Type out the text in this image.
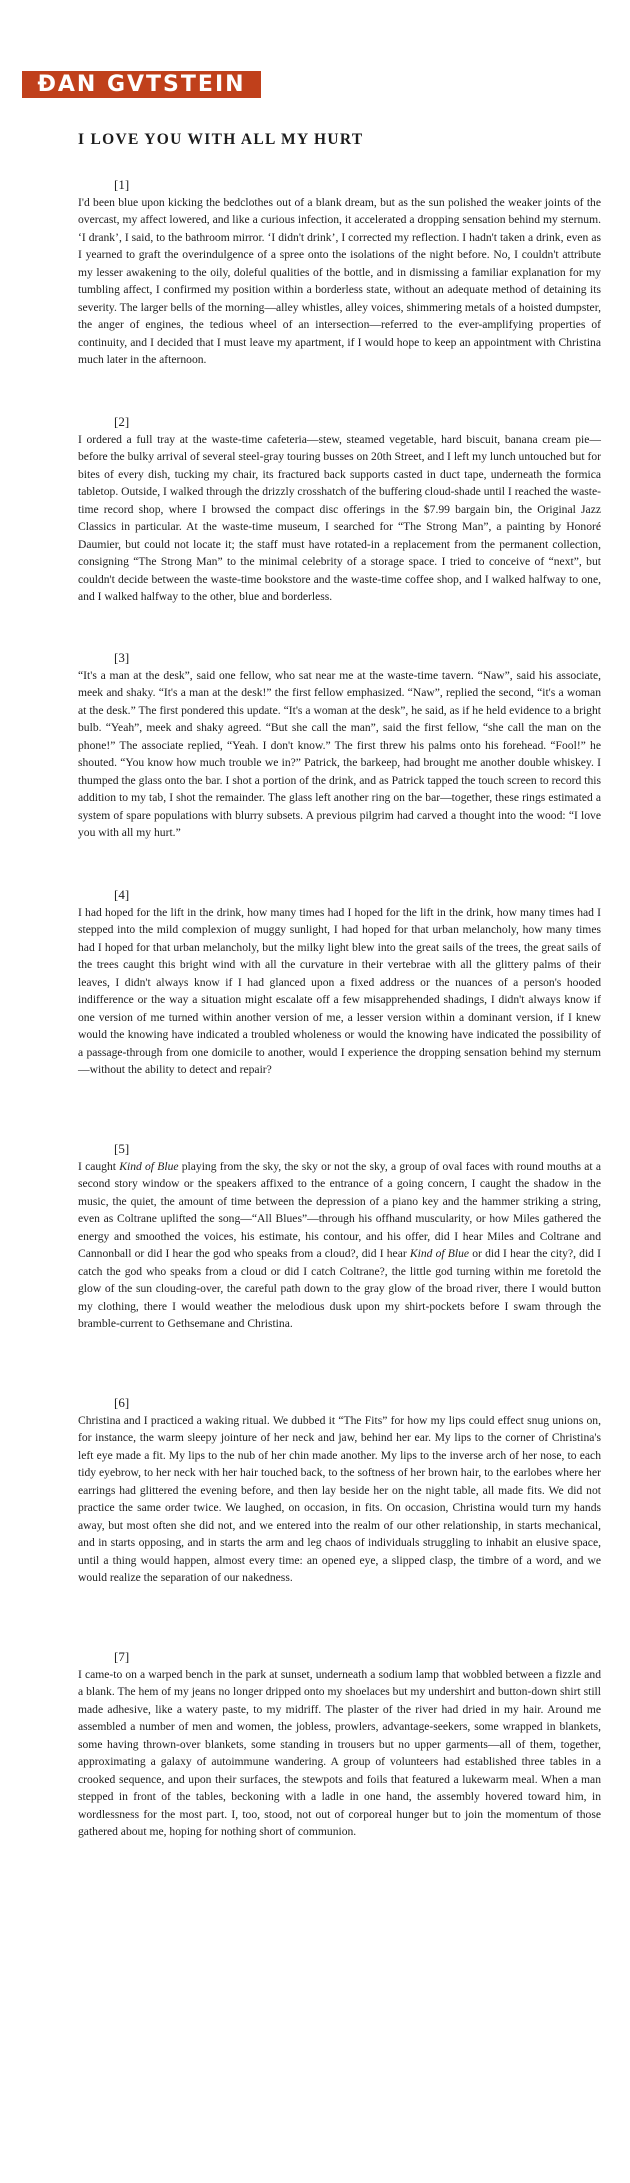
ĐAN GVTSTEIN
I LOVE YOU WITH ALL MY HURT
[1]

I'd been blue upon kicking the bedclothes out of a blank dream, but as the sun polished the weaker joints of the overcast, my affect lowered, and like a curious infection, it accelerated a dropping sensation behind my sternum. ‘I drank’, I said, to the bathroom mirror. ‘I didn't drink’, I corrected my reflection. I hadn't taken a drink, even as I yearned to graft the overindulgence of a spree onto the isolations of the night before. No, I couldn't attribute my lesser awakening to the oily, doleful qualities of the bottle, and in dismissing a familiar explanation for my tumbling affect, I confirmed my position within a borderless state, without an adequate method of detaining its severity. The larger bells of the morning—alley whistles, alley voices, shimmering metals of a hoisted dumpster, the anger of engines, the tedious wheel of an intersection—referred to the ever-amplifying properties of continuity, and I decided that I must leave my apartment, if I would hope to keep an appointment with Christina much later in the afternoon.

[2]

I ordered a full tray at the waste-time cafeteria—stew, steamed vegetable, hard biscuit, banana cream pie—before the bulky arrival of several steel-gray touring busses on 20th Street, and I left my lunch untouched but for bites of every dish, tucking my chair, its fractured back supports casted in duct tape, underneath the formica tabletop. Outside, I walked through the drizzly crosshatch of the buffering cloud-shade until I reached the waste-time record shop, where I browsed the compact disc offerings in the $7.99 bargain bin, the Original Jazz Classics in particular. At the waste-time museum, I searched for “The Strong Man”, a painting by Honoré Daumier, but could not locate it; the staff must have rotated-in a replacement from the permanent collection, consigning “The Strong Man” to the minimal celebrity of a storage space. I tried to conceive of “next”, but couldn't decide between the waste-time bookstore and the waste-time coffee shop, and I walked halfway to one, and I walked halfway to the other, blue and borderless.

[3]

“It's a man at the desk”, said one fellow, who sat near me at the waste-time tavern. “Naw”, said his associate, meek and shaky. “It's a man at the desk!” the first fellow emphasized. “Naw”, replied the second, “it's a woman at the desk.” The first pondered this update. “It's a woman at the desk”, he said, as if he held evidence to a bright bulb. “Yeah”, meek and shaky agreed. “But she call the man”, said the first fellow, “she call the man on the phone!” The associate replied, “Yeah. I don't know.” The first threw his palms onto his forehead. “Fool!” he shouted. “You know how much trouble we in?” Patrick, the barkeep, had brought me another double whiskey. I thumped the glass onto the bar. I shot a portion of the drink, and as Patrick tapped the touch screen to record this addition to my tab, I shot the remainder. The glass left another ring on the bar—together, these rings estimated a system of spare populations with blurry subsets. A previous pilgrim had carved a thought into the wood: “I love you with all my hurt.”

[4]

I had hoped for the lift in the drink, how many times had I hoped for the lift in the drink, how many times had I stepped into the mild complexion of muggy sunlight, I had hoped for that urban melancholy, how many times had I hoped for that urban melancholy, but the milky light blew into the great sails of the trees, the great sails of the trees caught this bright wind with all the curvature in their vertebrae with all the glittery palms of their leaves, I didn't always know if I had glanced upon a fixed address or the nuances of a person's hooded indifference or the way a situation might escalate off a few misapprehended shadings, I didn't always know if one version of me turned within another version of me, a lesser version within a dominant version, if I knew would the knowing have indicated a troubled wholeness or would the knowing have indicated the possibility of a passage-through from one domicile to another, would I experience the dropping sensation behind my sternum—without the ability to detect and repair?

[5]

I caught Kind of Blue playing from the sky, the sky or not the sky, a group of oval faces with round mouths at a second story window or the speakers affixed to the entrance of a going concern, I caught the shadow in the music, the quiet, the amount of time between the depression of a piano key and the hammer striking a string, even as Coltrane uplifted the song—“All Blues”—through his offhand muscularity, or how Miles gathered the energy and smoothed the voices, his estimate, his contour, and his offer, did I hear Miles and Coltrane and Cannonball or did I hear the god who speaks from a cloud?, did I hear Kind of Blue or did I hear the city?, did I catch the god who speaks from a cloud or did I catch Coltrane?, the little god turning within me foretold the glow of the sun clouding-over, the careful path down to the gray glow of the broad river, there I would button my clothing, there I would weather the melodious dusk upon my shirt-pockets before I swam through the bramble-current to Gethsemane and Christina.

[6]

Christina and I practiced a waking ritual. We dubbed it “The Fits” for how my lips could effect snug unions on, for instance, the warm sleepy jointure of her neck and jaw, behind her ear. My lips to the corner of Christina's left eye made a fit. My lips to the nub of her chin made another. My lips to the inverse arch of her nose, to each tidy eyebrow, to her neck with her hair touched back, to the softness of her brown hair, to the earlobes where her earrings had glittered the evening before, and then lay beside her on the night table, all made fits. We did not practice the same order twice. We laughed, on occasion, in fits. On occasion, Christina would turn my hands away, but most often she did not, and we entered into the realm of our other relationship, in starts mechanical, and in starts opposing, and in starts the arm and leg chaos of individuals struggling to inhabit an elusive space, until a thing would happen, almost every time: an opened eye, a slipped clasp, the timbre of a word, and we would realize the separation of our nakedness.

[7]

I came-to on a warped bench in the park at sunset, underneath a sodium lamp that wobbled between a fizzle and a blank. The hem of my jeans no longer dripped onto my shoelaces but my undershirt and button-down shirt still made adhesive, like a watery paste, to my midriff. The plaster of the river had dried in my hair. Around me assembled a number of men and women, the jobless, prowlers, advantage-seekers, some wrapped in blankets, some having thrown-over blankets, some standing in trousers but no upper garments—all of them, together, approximating a galaxy of autoimmune wandering. A group of volunteers had established three tables in a crooked sequence, and upon their surfaces, the stewpots and foils that featured a lukewarm meal. When a man stepped in front of the tables, beckoning with a ladle in one hand, the assembly hovered toward him, in wordlessness for the most part. I, too, stood, not out of corporeal hunger but to join the momentum of those gathered about me, hoping for nothing short of communion.
